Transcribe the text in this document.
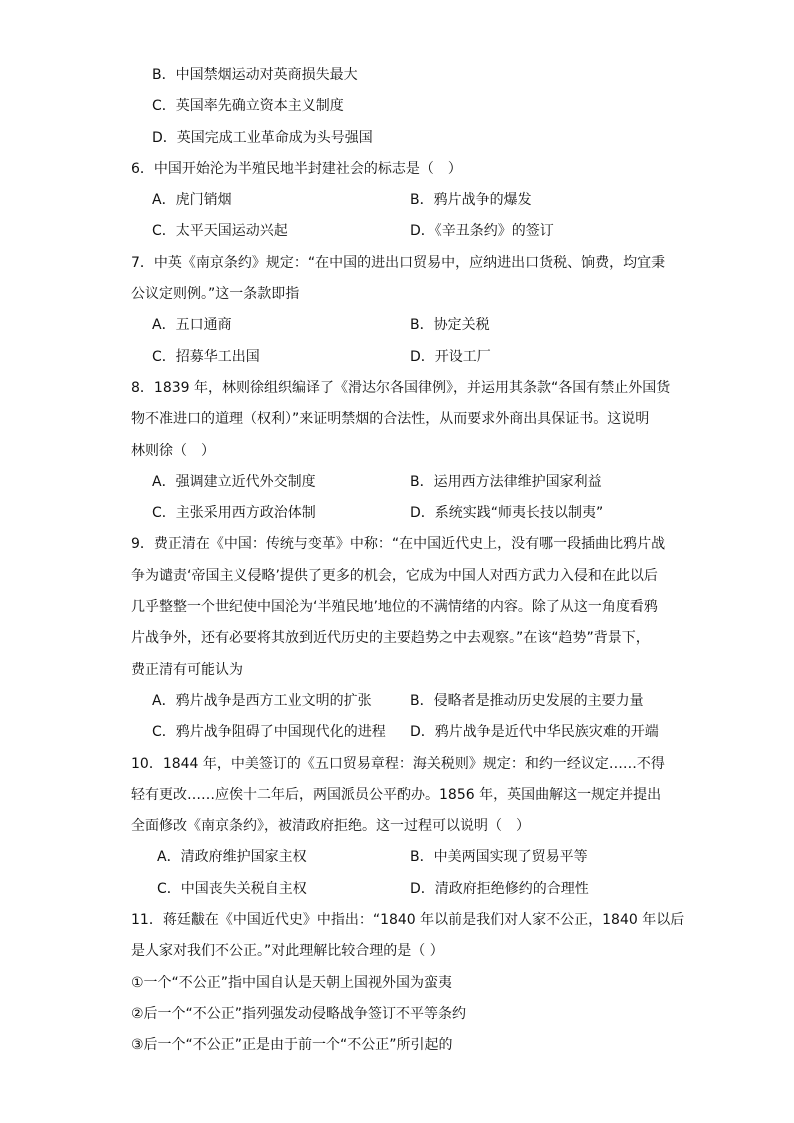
B．中国禁烟运动对英商损失最大
C．英国率先确立资本主义制度
D．英国完成工业革命成为头号强国
6．中国开始沦为半殖民地半封建社会的标志是（　）
A．虎门销烟	B．鸦片战争的爆发
C．太平天国运动兴起	D．《辛丑条约》的签订
7．中英《南京条约》规定：“在中国的进出口贸易中，应纳进出口货税、饷费，均宜秉
公议定则例。”这一条款即指
A．五口通商	B．协定关税
C．招募华工出国	D．开设工厂
8．1839 年，林则徐组织编译了《滑达尔各国律例》，并运用其条款“各国有禁止外国货
物不准进口的道理（权利）”来证明禁烟的合法性，从而要求外商出具保证书。这说明
林则徐（　）
A．强调建立近代外交制度	B．运用西方法律维护国家利益
C．主张采用西方政治体制	D．系统实践“师夷长技以制夷”
9．费正清在《中国：传统与变革》中称：“在中国近代史上，没有哪一段插曲比鸦片战
争为谴责‘帝国主义侵略’提供了更多的机会，它成为中国人对西方武力入侵和在此以后
几乎整整一个世纪使中国沦为‘半殖民地’地位的不满情绪的内容。除了从这一角度看鸦
片战争外，还有必要将其放到近代历史的主要趋势之中去观察。”在该“趋势”背景下，
费正清有可能认为
A．鸦片战争是西方工业文明的扩张	B．侵略者是推动历史发展的主要力量
C．鸦片战争阻碍了中国现代化的进程 D．鸦片战争是近代中华民族灾难的开端
10．1844 年，中美签订的《五口贸易章程：海关税则》规定：和约一经议定……不得
轻有更改……应俟十二年后，两国派员公平酌办。1856 年，英国曲解这一规定并提出
全面修改《南京条约》，被清政府拒绝。这一过程可以说明（　）
A．清政府维护国家主权	B．中美两国实现了贸易平等
C．中国丧失关税自主权	D．清政府拒绝修约的合理性
11．蒋廷黻在《中国近代史》中指出：“1840 年以前是我们对人家不公正，1840 年以后
是人家对我们不公正。”对此理解比较合理的是（ ）
①一个“不公正”指中国自认是天朝上国视外国为蛮夷
②后一个“不公正”指列强发动侵略战争签订不平等条约
③后一个“不公正”正是由于前一个“不公正”所引起的
